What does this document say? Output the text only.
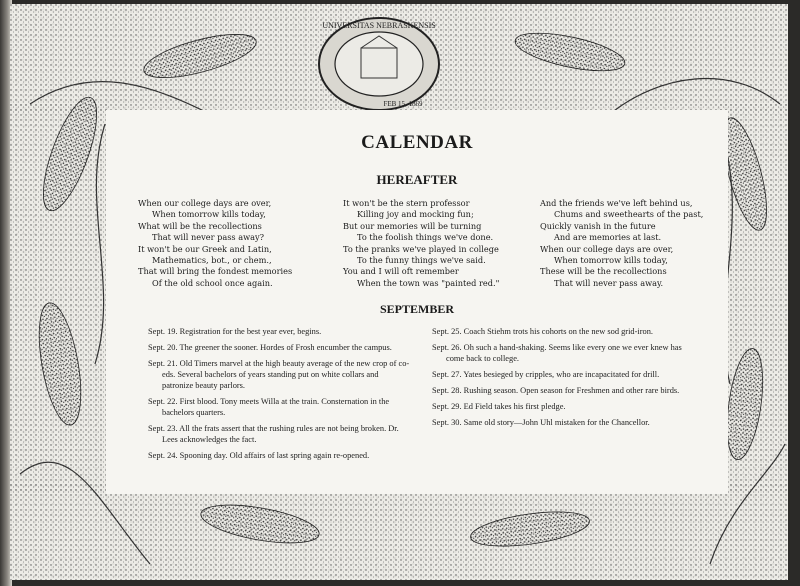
UNIVERSITAS NEBRASKENSIS
FEB 15, 1869
CALENDAR
HEREAFTER
When our college days are over,
When tomorrow kills today,
What will be the recollections
That will never pass away?
It won't be our Greek and Latin,
Mathematics, bot., or chem.,
That will bring the fondest memories
Of the old school once again.
It won't be the stern professor
Killing joy and mocking fun;
But our memories will be turning
To the foolish things we've done.
To the pranks we've played in college
To the funny things we've said.
You and I will oft remember
When the town was "painted red."
And the friends we've left behind us,
Chums and sweethearts of the past,
Quickly vanish in the future
And are memories at last.
When our college days are over,
When tomorrow kills today,
These will be the recollections
That will never pass away.
SEPTEMBER
Sept. 19. Registration for the best year ever, begins.
Sept. 20. The greener the sooner. Hordes of Frosh encumber the campus.
Sept. 21. Old Timers marvel at the high beauty average of the new crop of co-eds. Several bachelors of years standing put on white collars and patronize beauty parlors.
Sept. 22. First blood. Tony meets Willa at the train. Consternation in the bachelors quarters.
Sept. 23. All the frats assert that the rushing rules are not being broken. Dr. Lees acknowledges the fact.
Sept. 24. Spooning day. Old affairs of last spring again re-opened.
Sept. 25. Coach Stiehm trots his cohorts on the new sod grid-iron.
Sept. 26. Oh such a hand-shaking. Seems like every one we ever knew has come back to college.
Sept. 27. Yates besieged by cripples, who are incapacitated for drill.
Sept. 28. Rushing season. Open season for Freshmen and other rare birds.
Sept. 29. Ed Field takes his first pledge.
Sept. 30. Same old story—John Uhl mistaken for the Chancellor.
